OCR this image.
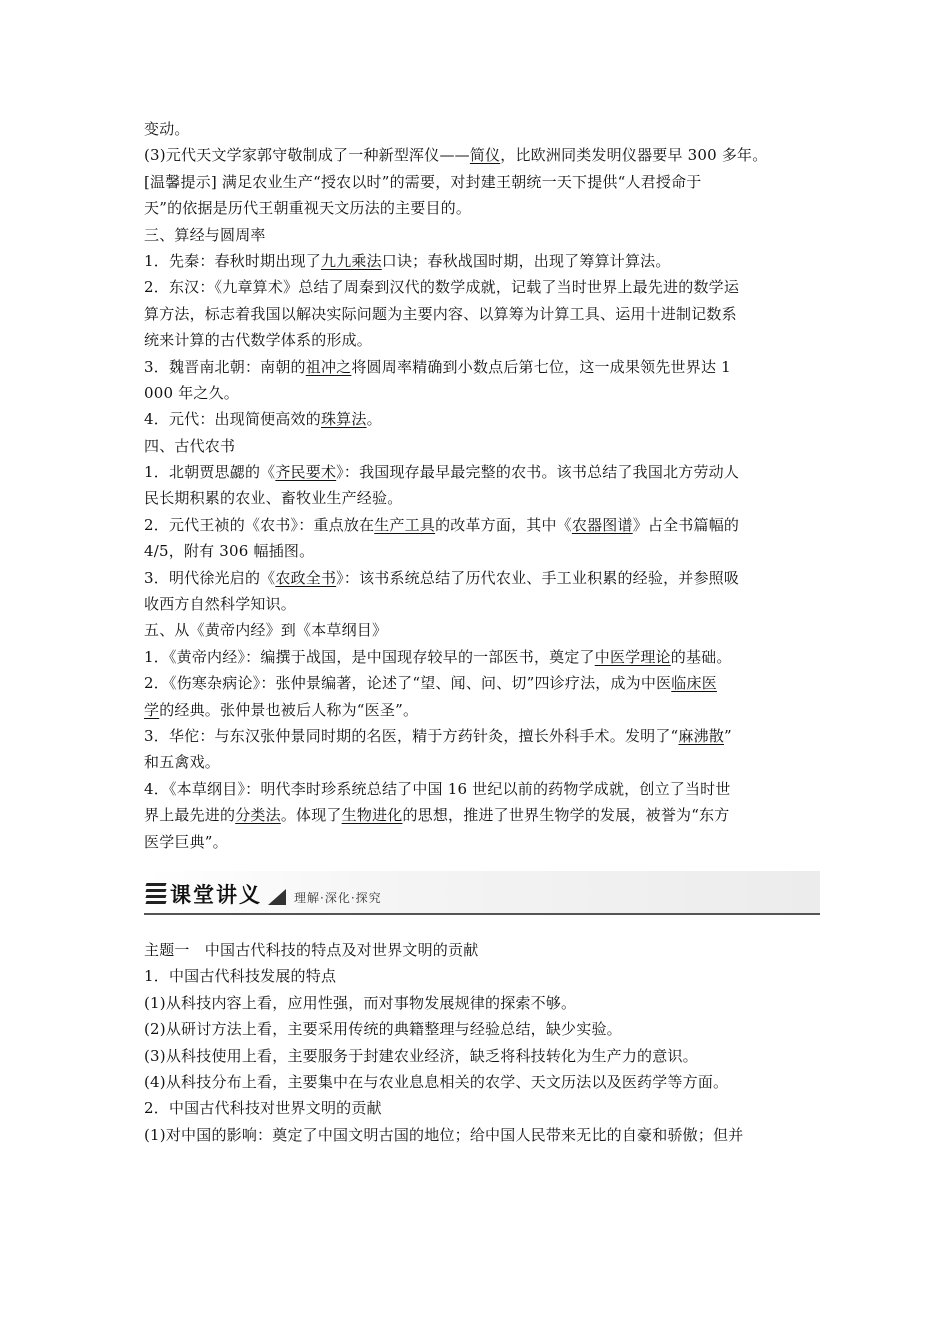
变动。
(3)元代天文学家郭守敬制成了一种新型浑仪——简仪，比欧洲同类发明仪器要早 300 多年。
[温馨提示] 满足农业生产“授农以时”的需要，对封建王朝统一天下提供“人君授命于
天”的依据是历代王朝重视天文历法的主要目的。
三、算经与圆周率
1．先秦：春秋时期出现了九九乘法口诀；春秋战国时期，出现了筹算计算法。
2．东汉：《九章算术》总结了周秦到汉代的数学成就，记载了当时世界上最先进的数学运
算方法，标志着我国以解决实际问题为主要内容、以算筹为计算工具、运用十进制记数系
统来计算的古代数学体系的形成。
3．魏晋南北朝：南朝的祖冲之将圆周率精确到小数点后第七位，这一成果领先世界达 1
000 年之久。
4．元代：出现简便高效的珠算法。
四、古代农书
1．北朝贾思勰的《齐民要术》：我国现存最早最完整的农书。该书总结了我国北方劳动人
民长期积累的农业、畜牧业生产经验。
2．元代王祯的《农书》：重点放在生产工具的改革方面，其中《农器图谱》占全书篇幅的
4/5，附有 306 幅插图。
3．明代徐光启的《农政全书》：该书系统总结了历代农业、手工业积累的经验，并参照吸
收西方自然科学知识。
五、从《黄帝内经》到《本草纲目》
1．《黄帝内经》：编撰于战国，是中国现存较早的一部医书，奠定了中医学理论的基础。
2．《伤寒杂病论》：张仲景编著，论述了“望、闻、问、切”四诊疗法，成为中医临床医
学的经典。张仲景也被后人称为“医圣”。
3．华佗：与东汉张仲景同时期的名医，精于方药针灸，擅长外科手术。发明了“麻沸散”
和五禽戏。
4．《本草纲目》：明代李时珍系统总结了中国 16 世纪以前的药物学成就，创立了当时世
界上最先进的分类法。体现了生物进化的思想，推进了世界生物学的发展，被誉为“东方
医学巨典”。
课堂讲义	理解·深化·探究
主题一　中国古代科技的特点及对世界文明的贡献
1．中国古代科技发展的特点
(1)从科技内容上看，应用性强，而对事物发展规律的探索不够。
(2)从研讨方法上看，主要采用传统的典籍整理与经验总结，缺少实验。
(3)从科技使用上看，主要服务于封建农业经济，缺乏将科技转化为生产力的意识。
(4)从科技分布上看，主要集中在与农业息息相关的农学、天文历法以及医药学等方面。
2．中国古代科技对世界文明的贡献
(1)对中国的影响：奠定了中国文明古国的地位；给中国人民带来无比的自豪和骄傲；但并
